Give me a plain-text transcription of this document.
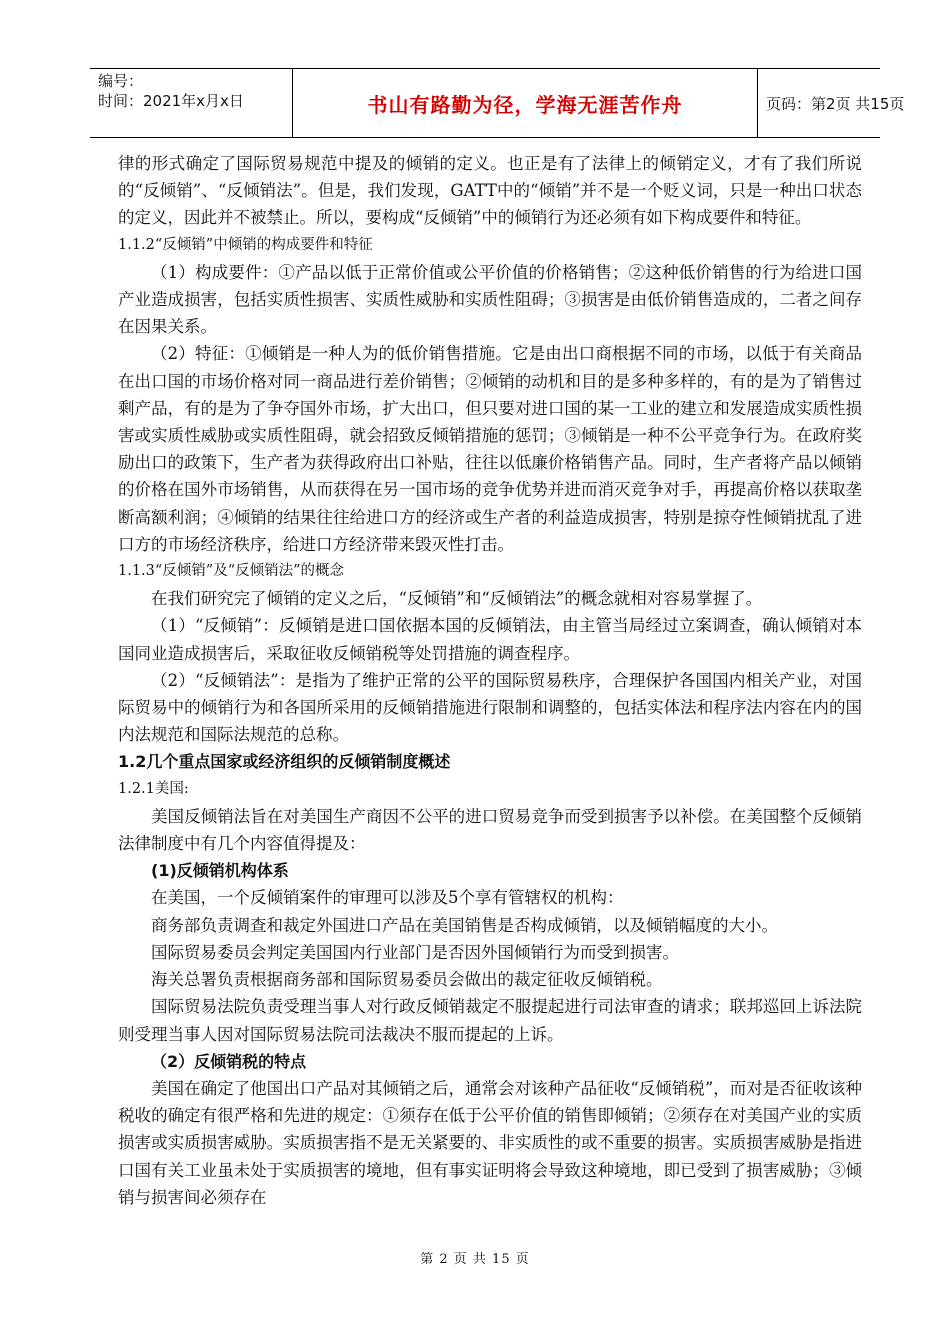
编号：
时间：2021年x月x日	书山有路勤为径，学海无涯苦作舟	页码：第2页 共15页

律的形式确定了国际贸易规范中提及的倾销的定义。也正是有了法律上的倾销定义，才有了我们所说的“反倾销”、“反倾销法”。但是，我们发现，GATT中的“倾销”并不是一个贬义词，只是一种出口状态的定义，因此并不被禁止。所以，要构成“反倾销”中的倾销行为还必须有如下构成要件和特征。

1.1.2“反倾销”中倾销的构成要件和特征

（1）构成要件：①产品以低于正常价值或公平价值的价格销售；②这种低价销售的行为给进口国产业造成损害，包括实质性损害、实质性威胁和实质性阻碍；③损害是由低价销售造成的，二者之间存在因果关系。

（2）特征：①倾销是一种人为的低价销售措施。它是由出口商根据不同的市场，以低于有关商品在出口国的市场价格对同一商品进行差价销售；②倾销的动机和目的是多种多样的，有的是为了销售过剩产品，有的是为了争夺国外市场，扩大出口，但只要对进口国的某一工业的建立和发展造成实质性损害或实质性威胁或实质性阻碍，就会招致反倾销措施的惩罚；③倾销是一种不公平竞争行为。在政府奖励出口的政策下，生产者为获得政府出口补贴，往往以低廉价格销售产品。同时，生产者将产品以倾销的价格在国外市场销售，从而获得在另一国市场的竞争优势并进而消灭竞争对手，再提高价格以获取垄断高额利润；④倾销的结果往往给进口方的经济或生产者的利益造成损害，特别是掠夺性倾销扰乱了进口方的市场经济秩序，给进口方经济带来毁灭性打击。

1.1.3“反倾销”及“反倾销法”的概念

在我们研究完了倾销的定义之后，“反倾销”和“反倾销法”的概念就相对容易掌握了。

（1）“反倾销”：反倾销是进口国依据本国的反倾销法，由主管当局经过立案调查，确认倾销对本国同业造成损害后，采取征收反倾销税等处罚措施的调查程序。

（2）“反倾销法”：是指为了维护正常的公平的国际贸易秩序，合理保护各国国内相关产业，对国际贸易中的倾销行为和各国所采用的反倾销措施进行限制和调整的，包括实体法和程序法内容在内的国内法规范和国际法规范的总称。

1.2几个重点国家或经济组织的反倾销制度概述

1.2.1美国:

美国反倾销法旨在对美国生产商因不公平的进口贸易竞争而受到损害予以补偿。在美国整个反倾销法律制度中有几个内容值得提及：

(1)反倾销机构体系

在美国，一个反倾销案件的审理可以涉及5个享有管辖权的机构：

商务部负责调查和裁定外国进口产品在美国销售是否构成倾销，以及倾销幅度的大小。

国际贸易委员会判定美国国内行业部门是否因外国倾销行为而受到损害。

海关总署负责根据商务部和国际贸易委员会做出的裁定征收反倾销税。

国际贸易法院负责受理当事人对行政反倾销裁定不服提起进行司法审查的请求；联邦巡回上诉法院则受理当事人因对国际贸易法院司法裁决不服而提起的上诉。

（2）反倾销税的特点

美国在确定了他国出口产品对其倾销之后，通常会对该种产品征收“反倾销税”，而对是否征收该种税收的确定有很严格和先进的规定：①须存在低于公平价值的销售即倾销；②须存在对美国产业的实质损害或实质损害威胁。实质损害指不是无关紧要的、非实质性的或不重要的损害。实质损害威胁是指进口国有关工业虽未处于实质损害的境地，但有事实证明将会导致这种境地，即已受到了损害威胁；③倾销与损害间必须存在

第 2 页 共 15 页
